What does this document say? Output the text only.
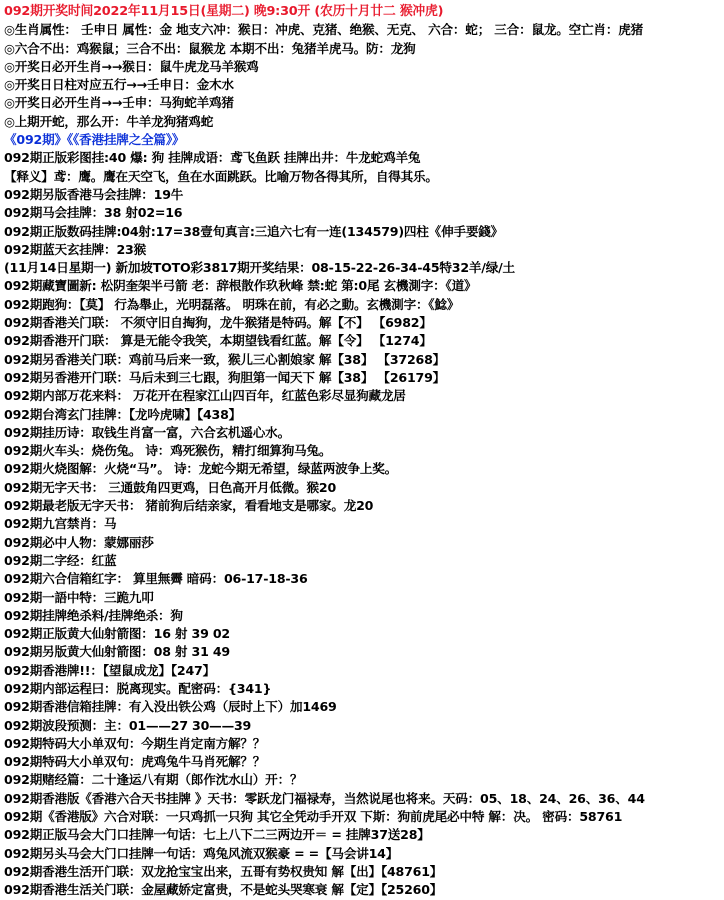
092期开奖时间2022年11月15日(星期二) 晚9:30开 (农历十月廿二 猴冲虎)
◎生肖属性： 壬申日 属性：金 地支六冲：猴日：冲虎、克猪、绝猴、无克、 六合：蛇； 三合：鼠龙。空亡肖：虎猪
◎六合不出：鸡猴鼠；三合不出：鼠猴龙 本期不出：兔猪羊虎马。防：龙狗
◎开奖日必开生肖→→猴日：鼠牛虎龙马羊猴鸡
◎开奖日日柱对应五行→→壬申日：金木水
◎开奖日必开生肖→→壬申：马狗蛇羊鸡猪
◎上期开蛇，那么开：牛羊龙狗猪鸡蛇
《092期》《《香港挂牌之全篇》》
092期正版彩图挂:40 爆: 狗 挂牌成语：鸢飞鱼跃 挂牌出井：牛龙蛇鸡羊兔
【释义】鸢：鹰。鹰在天空飞，鱼在水面跳跃。比喻万物各得其所，自得其乐。
092期另版香港马会挂牌：19牛
092期马会挂牌：38 射02=16
092期正版数码挂牌:04射:17=38壹旬真言:三追六七有一连(134579)四柱《伸手要錢》
092期蓝天玄挂牌：23猴
(11月14日星期一) 新加坡TOTO彩3817期开奖结果：08-15-22-26-34-45特32羊/绿/土
092期藏寶圖新: 松阴奎架半弓箭 老：辞根散作玖秋峰 禁:蛇 第:0尾 玄機測字：《道》
092期跑狗：【莫】 行為舉止，光明磊落。 明珠在前，有必之動。玄機測字：《鯰》
092期香港关门联： 不须守旧自掏狗，龙牛猴猪是特码。解【不】 【6982】
092期香港开门联： 算是无能令我笑，本期望钱看红蓝。解【令】 【1274】
092期另香港关门联：鸡前马后来一致，猴儿三心割娘家 解【38】 【37268】
092期另香港开门联：马后未到三七跟，狗胆第一闻天下 解【38】 【26179】
092期内部万花来料： 万花开在程家江山四百年，红蓝色彩尽显狗藏龙居
092期台湾玄门挂牌：【龙吟虎啸】【438】
092期挂历诗：取钱生肖富一富，六合玄机遥心水。
092期火车头：烧伤兔。 诗：鸡死猴伤，精打细算狗马兔。
092期火烧图解：火烧“马”。 诗：龙蛇今期无希望，绿蓝两波争上奖。
092期无字天书： 三通鼓角四更鸡，日色高开月低微。猴20
092期最老版无字天书： 猪前狗后结亲家，看看地支是哪家。龙20
092期九宫禁肖：马
092期必中人物：蒙娜丽莎
092期二字经：红蓝
092期六合信箱红字： 算里無霽 暗码：06-17-18-36
092期一語中特：三跪九叩
092期挂牌绝杀料/挂牌绝杀：狗
092期正版黄大仙射箭图：16 射 39 02
092期另版黄大仙射箭图：08 射 31 49
092期香港牌!!：【望鼠成龙】【247】
092期内部运程曰：脱离现实。配密码：{341}
092期香港信箱挂牌：有入没出铁公鸡（辰时上下）加1469
092期波段预测：主：01——27 30——39
092期特码大小单双句：今期生肖定南方解？？
092期特码大小单双句：虎鸡兔牛马肖死解？？
092期赌经篇：二十逢运八有期（郎作沈水山）开：？
092期香港版《香港六合天书挂牌 》天书：零跃龙门福禄寿，当然说尾也将来。天码：05、18、24、26、36、44
092期《香港版》六合对联：一只鸡抓一只狗 其它全凭动手开双 下斯：狗前虎尾必中特 解：决。 密码：58761
092期正版马会大门口挂牌一句话：七上八下二三两边开＝ = 挂牌37送28】
092期另头马会大门口挂牌一句话：鸡兔风流双猴豪 = =【马会讲14】
092期香港生活开门联：双龙抢宝宝出来，五哥有势权贵知 解【出】【48761】
092期香港生活关门联：金屋藏娇定富贵，不是蛇头哭寒衰 解【定】【25260】
